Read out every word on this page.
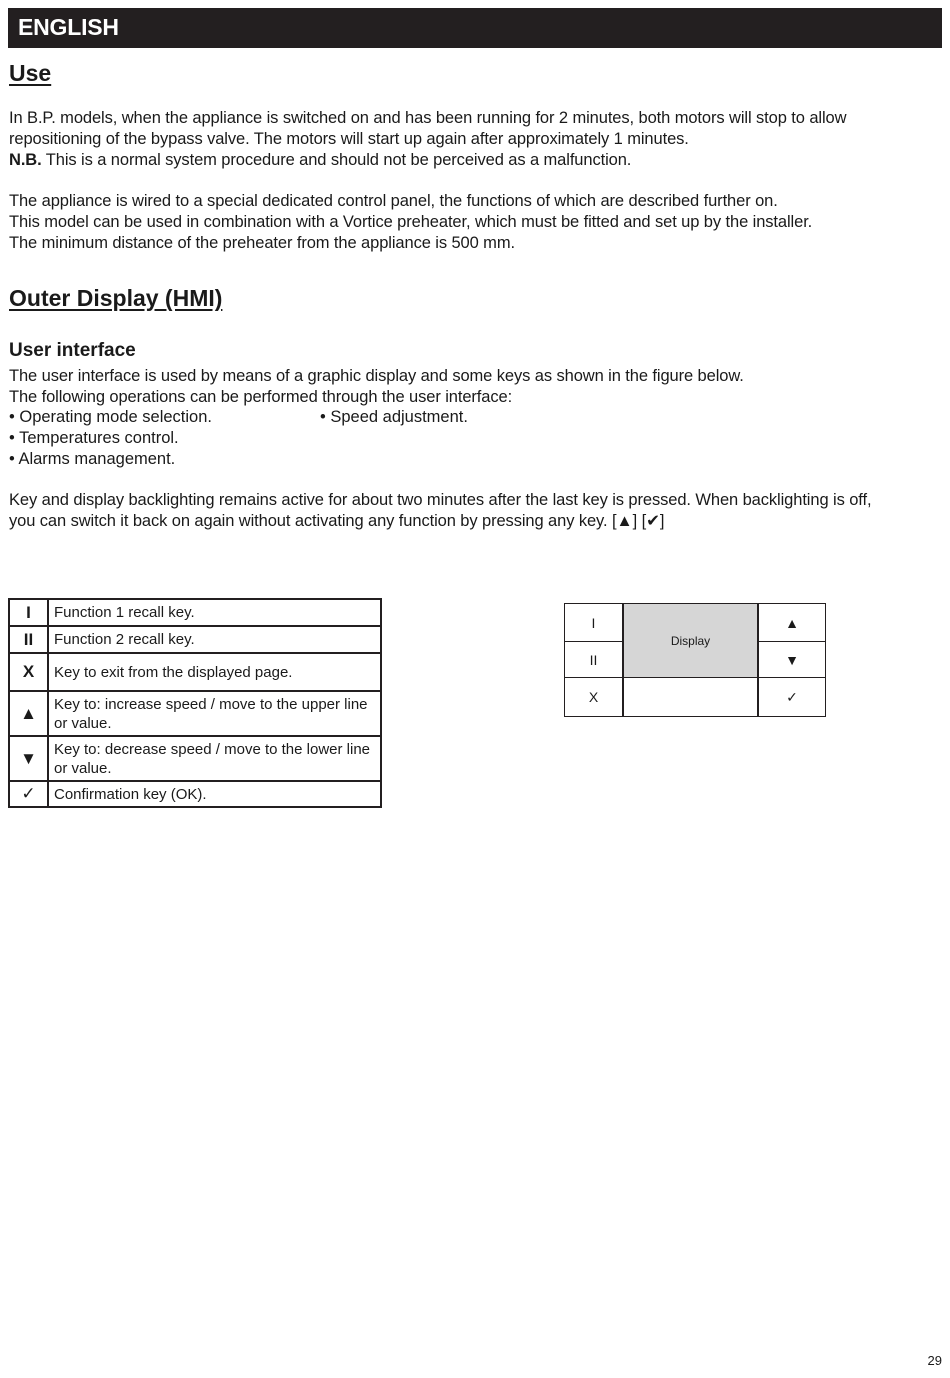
ENGLISH
Use
In B.P. models, when the appliance is switched on and has been running for 2 minutes, both motors will stop to allow
repositioning of the bypass valve. The motors will start up again after approximately 1 minutes.
N.B. This is a normal system procedure and should not be perceived as a malfunction.
The appliance is wired to a special dedicated control panel, the functions of which are described further on.
This model can be used in combination with a Vortice preheater, which must be fitted and set up by the installer.
The minimum distance of the preheater from the appliance is 500 mm.
Outer Display (HMI)
User interface
The user interface is used by means of a graphic display and some keys as shown in the figure below.
The following operations can be performed through the user interface:
• Operating mode selection.	• Speed adjustment.
• Temperatures control.
• Alarms management.
Key and display backlighting remains active for about two minutes after the last key is pressed. When backlighting is off,
you can switch it back on again without activating any function by pressing any key. [▲] [✔]
I	Function 1 recall key.
II	Function 2 recall key.
X	Key to exit from the displayed page.
▲	Key to: increase speed / move to the upper line or value.
▼	Key to: decrease speed / move to the lower line or value.
✓	Confirmation key (OK).
I
II
X
Display
▲
▼
✓
29
